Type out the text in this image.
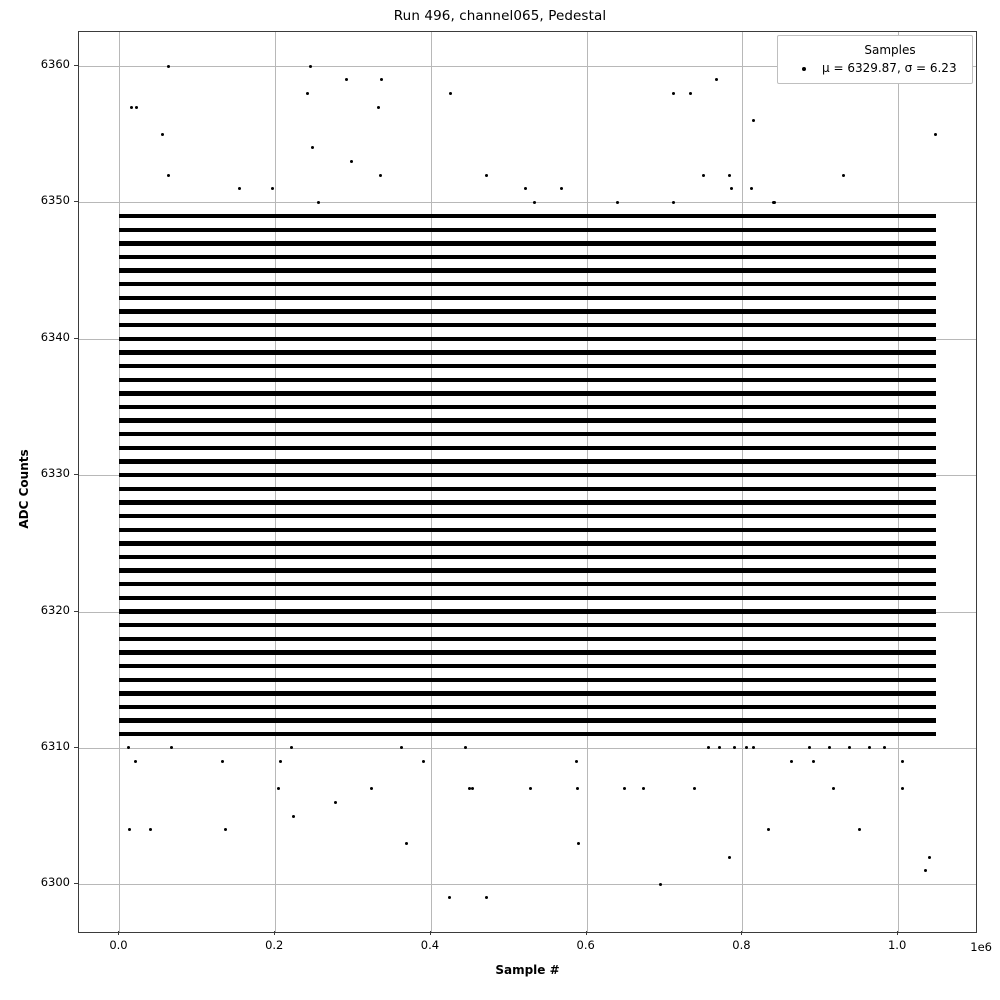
Run 496, channel065, Pedestal
Samples
μ = 6329.87, σ = 6.23
0.0	0.2	0.4	0.6	0.8	1.0
6300
6310
6320
6330
6340
6350
6360
Sample #
ADC Counts
1e6
